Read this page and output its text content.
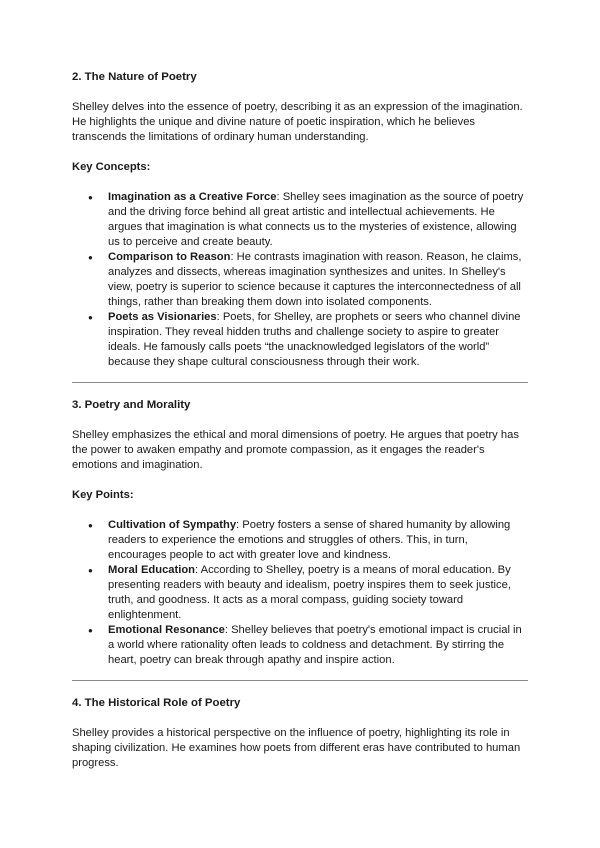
2. The Nature of Poetry

Shelley delves into the essence of poetry, describing it as an expression of the imagination. He highlights the unique and divine nature of poetic inspiration, which he believes transcends the limitations of ordinary human understanding.

Key Concepts:

● Imagination as a Creative Force: Shelley sees imagination as the source of poetry and the driving force behind all great artistic and intellectual achievements. He argues that imagination is what connects us to the mysteries of existence, allowing us to perceive and create beauty.
● Comparison to Reason: He contrasts imagination with reason. Reason, he claims, analyzes and dissects, whereas imagination synthesizes and unites. In Shelley's view, poetry is superior to science because it captures the interconnectedness of all things, rather than breaking them down into isolated components.
● Poets as Visionaries: Poets, for Shelley, are prophets or seers who channel divine inspiration. They reveal hidden truths and challenge society to aspire to greater ideals. He famously calls poets “the unacknowledged legislators of the world” because they shape cultural consciousness through their work.
3. Poetry and Morality

Shelley emphasizes the ethical and moral dimensions of poetry. He argues that poetry has the power to awaken empathy and promote compassion, as it engages the reader's emotions and imagination.

Key Points:

● Cultivation of Sympathy: Poetry fosters a sense of shared humanity by allowing readers to experience the emotions and struggles of others. This, in turn, encourages people to act with greater love and kindness.
● Moral Education: According to Shelley, poetry is a means of moral education. By presenting readers with beauty and idealism, poetry inspires them to seek justice, truth, and goodness. It acts as a moral compass, guiding society toward enlightenment.
● Emotional Resonance: Shelley believes that poetry's emotional impact is crucial in a world where rationality often leads to coldness and detachment. By stirring the heart, poetry can break through apathy and inspire action.
4. The Historical Role of Poetry

Shelley provides a historical perspective on the influence of poetry, highlighting its role in shaping civilization. He examines how poets from different eras have contributed to human progress.
